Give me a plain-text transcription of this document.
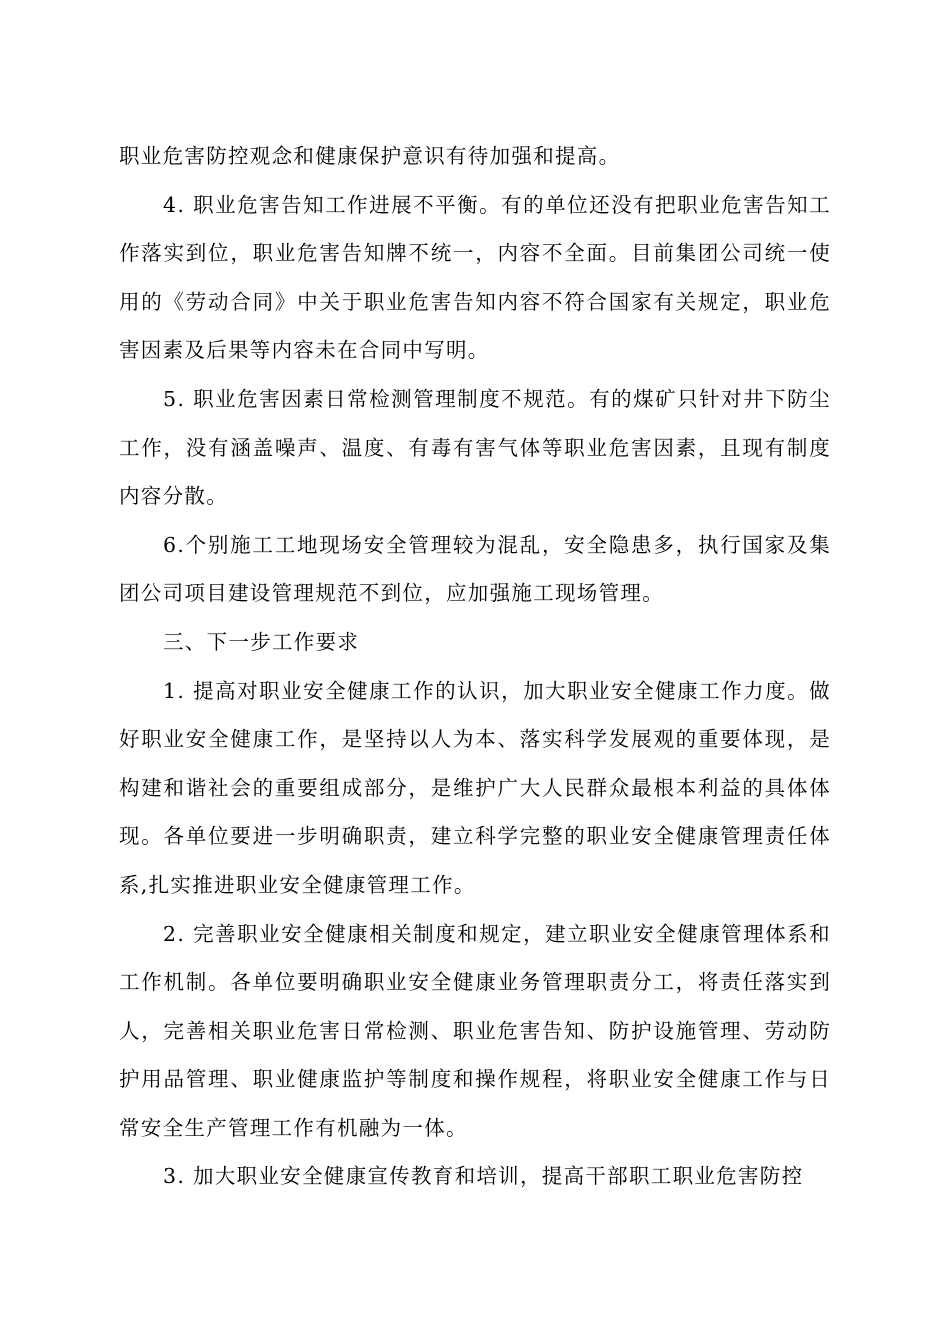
职业危害防控观念和健康保护意识有待加强和提高。

4. 职业危害告知工作进展不平衡。有的单位还没有把职业危害告知工作落实到位，职业危害告知牌不统一，内容不全面。目前集团公司统一使用的《劳动合同》中关于职业危害告知内容不符合国家有关规定，职业危害因素及后果等内容未在合同中写明。

5. 职业危害因素日常检测管理制度不规范。有的煤矿只针对井下防尘工作，没有涵盖噪声、温度、有毒有害气体等职业危害因素，且现有制度内容分散。

6.个别施工工地现场安全管理较为混乱，安全隐患多，执行国家及集团公司项目建设管理规范不到位，应加强施工现场管理。

三、下一步工作要求

1. 提高对职业安全健康工作的认识，加大职业安全健康工作力度。做好职业安全健康工作，是坚持以人为本、落实科学发展观的重要体现，是构建和谐社会的重要组成部分，是维护广大人民群众最根本利益的具体体现。各单位要进一步明确职责，建立科学完整的职业安全健康管理责任体系,扎实推进职业安全健康管理工作。

2. 完善职业安全健康相关制度和规定，建立职业安全健康管理体系和工作机制。各单位要明确职业安全健康业务管理职责分工，将责任落实到人，完善相关职业危害日常检测、职业危害告知、防护设施管理、劳动防护用品管理、职业健康监护等制度和操作规程，将职业安全健康工作与日常安全生产管理工作有机融为一体。

3. 加大职业安全健康宣传教育和培训，提高干部职工职业危害防控
